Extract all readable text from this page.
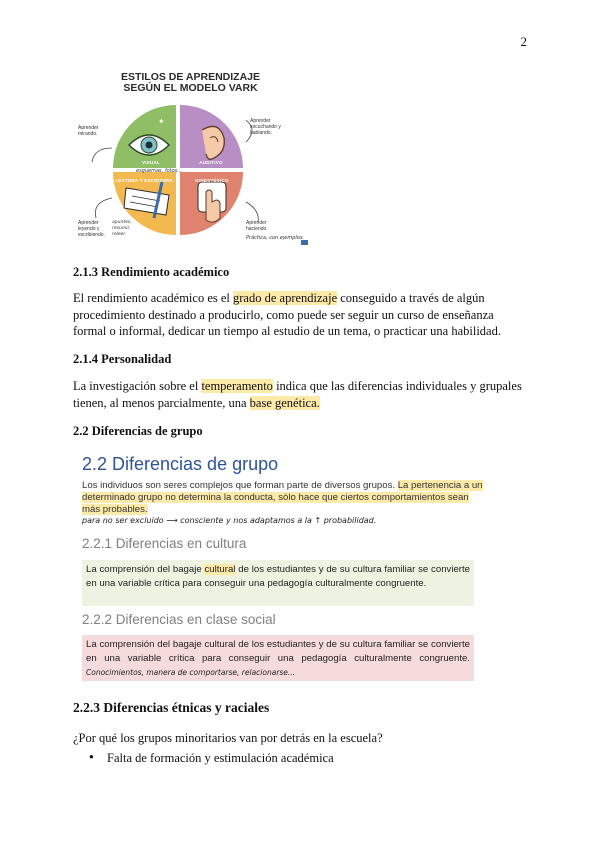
2
✦	✦
ESTILOS DE APRENDIZAJE
SEGÚN EL MODELO VARK
VISUAL	AUDITIVO
LECTURA Y ESCRITURA	KINESTÉSICO
Aprender mirando.
Aprender escuchando y hablando.
Aprender leyendo y escribiendo.
Aprender haciendo.
esquemas, fotos...
apuntes, resumir, releer
Práctica, con ejemplos.
2.1.3 Rendimiento académico

El rendimiento académico es el grado de aprendizaje conseguido a través de algún procedimiento destinado a producirlo, como puede ser seguir un curso de enseñanza formal o informal, dedicar un tiempo al estudio de un tema, o practicar una habilidad.

2.1.4 Personalidad

La investigación sobre el temperamento indica que las diferencias individuales y grupales tienen, al menos parcialmente, una base genética.

2.2 Diferencias de grupo
2.2 Diferencias de grupo
Los individuos son seres complejos que forman parte de diversos grupos. La pertenencia a un
determinado grupo no determina la conducta, sólo hace que ciertos comportamientos sean
más probables.
para no ser excluido ⟶ consciente y nos adaptamos a la ↑ probabilidad.
2.2.1 Diferencias en cultura
La comprensión del bagaje cultural de los estudiantes y de su cultura familiar se convierte en una variable crítica para conseguir una pedagogía culturalmente congruente.
2.2.2 Diferencias en clase social
La comprensión del bagaje cultural de los estudiantes y de su cultura familiar se convierte en una variable crítica para conseguir una pedagogía culturalmente congruente. Conocimientos, manera de comportarse, relacionarse...
2.2.3 Diferencias étnicas y raciales

¿Por qué los grupos minoritarios van por detrás en la escuela?

● Falta de formación y estimulación académica
